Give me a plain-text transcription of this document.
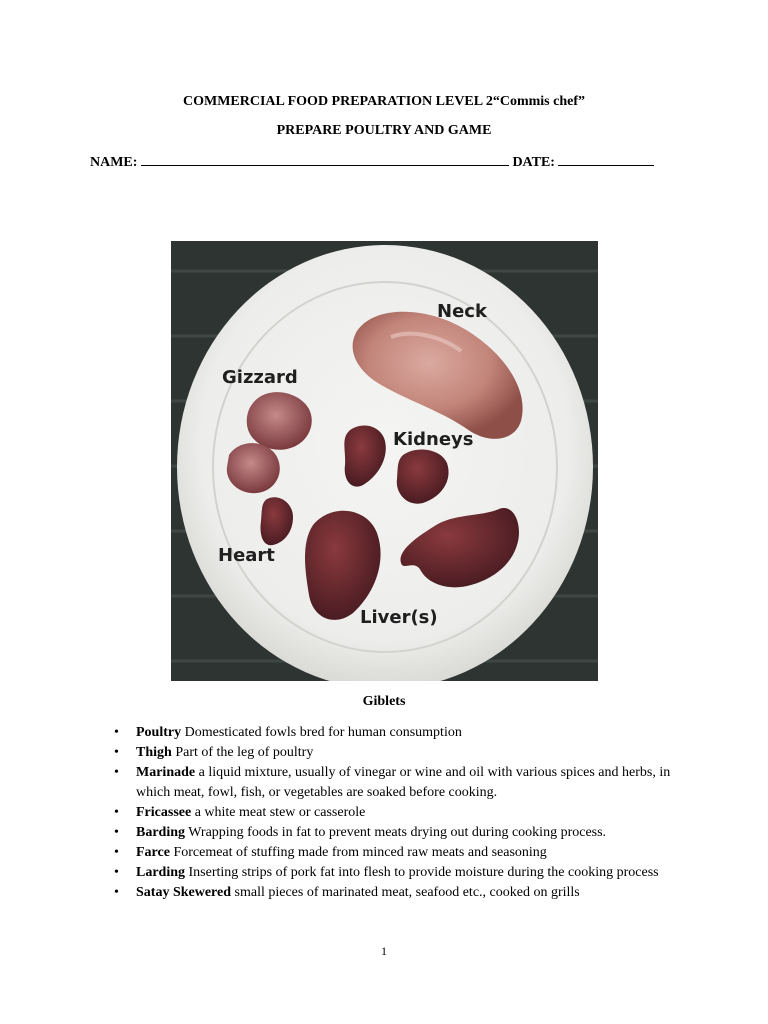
COMMERCIAL FOOD PREPARATION LEVEL 2“Commis chef”
PREPARE POULTRY AND GAME
NAME:	DATE:
Neck
Gizzard
Kidneys
Heart
Liver(s)
Giblets
• Poultry Domesticated fowls bred for human consumption
• Thigh Part of the leg of poultry
• Marinade a liquid mixture, usually of vinegar or wine and oil with various spices and herbs, in which meat, fowl, fish, or vegetables are soaked before cooking.
• Fricassee a white meat stew or casserole
• Barding Wrapping foods in fat to prevent meats drying out during cooking process.
• Farce Forcemeat of stuffing made from minced raw meats and seasoning
• Larding Inserting strips of pork fat into flesh to provide moisture during the cooking process
• Satay Skewered small pieces of marinated meat, seafood etc., cooked on grills
1
